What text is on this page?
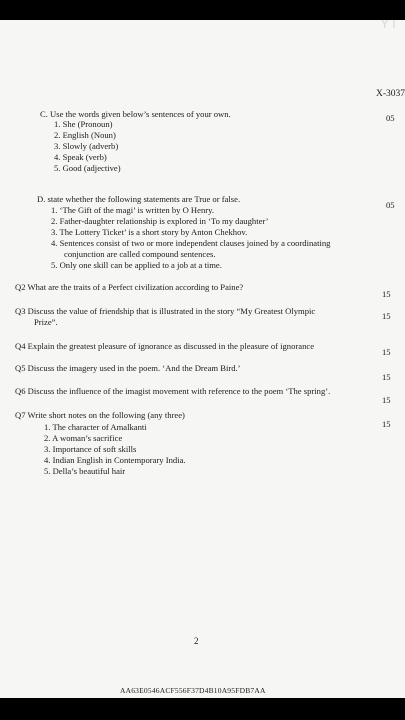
YT
X-3037
C. Use the words given below’s sentences of your own.	05
1. She (Pronoun)
2. English (Noun)
3. Slowly (adverb)
4. Speak (verb)
5. Good (adjective)
D. state whether the following statements are True or false.
05
1. ‘The Gift of the magi’ is written by O Henry.
2. Father-daughter relationship is explored in ‘To my daughter’
3. The Lottery Ticket’ is a short story by Anton Chekhov.
4. Sentences consist of two or more independent clauses joined by a coordinating
conjunction are called compound sentences.
5. Only one skill can be applied to a job at a time.
Q2 What are the traits of a Perfect civilization according to Paine?
15
Q3 Discuss the value of friendship that is illustrated in the story “My Greatest Olympic
Prize”.
15
Q4 Explain the greatest pleasure of ignorance as discussed in the pleasure of ignorance
15
Q5 Discuss the imagery used in the poem. ‘And the Dream Bird.’
15
Q6 Discuss the influence of the imagist movement with reference to the poem ‘The spring’.
15
Q7 Write short notes on the following (any three)
15
1. The character of Amalkanti
2. A woman’s sacrifice
3. Importance of soft skills
4. Indian English in Contemporary India.
5. Della’s beautiful hair
2
AA63E0546ACF556F37D4B10A95FDB7AA
